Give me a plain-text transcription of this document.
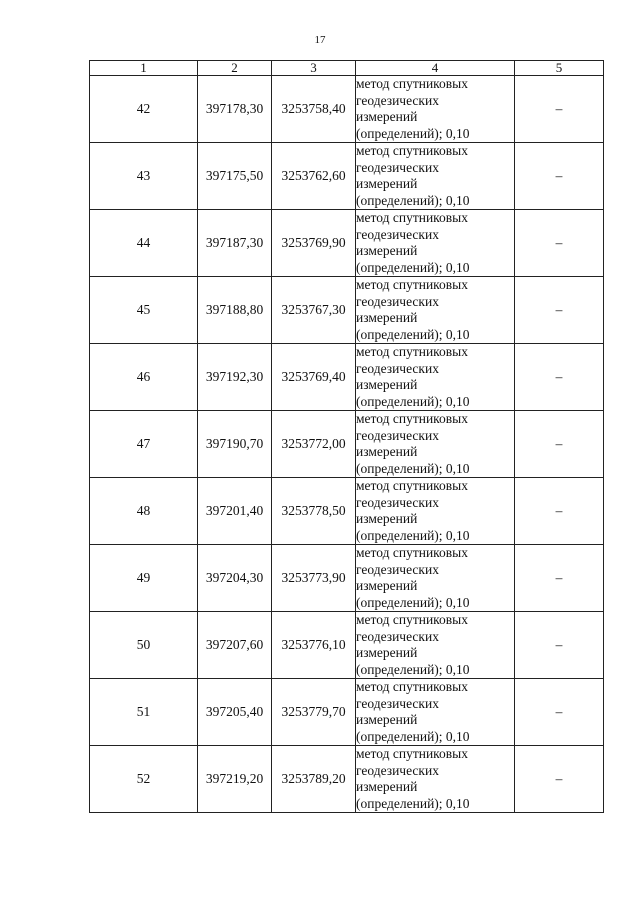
17
1	2	3	4	5
42	397178,30	3253758,40	метод спутниковых
геодезических
измерений
(определений); 0,10	–
43	397175,50	3253762,60	метод спутниковых
геодезических
измерений
(определений); 0,10	–
44	397187,30	3253769,90	метод спутниковых
геодезических
измерений
(определений); 0,10	–
45	397188,80	3253767,30	метод спутниковых
геодезических
измерений
(определений); 0,10	–
46	397192,30	3253769,40	метод спутниковых
геодезических
измерений
(определений); 0,10	–
47	397190,70	3253772,00	метод спутниковых
геодезических
измерений
(определений); 0,10	–
48	397201,40	3253778,50	метод спутниковых
геодезических
измерений
(определений); 0,10	–
49	397204,30	3253773,90	метод спутниковых
геодезических
измерений
(определений); 0,10	–
50	397207,60	3253776,10	метод спутниковых
геодезических
измерений
(определений); 0,10	–
51	397205,40	3253779,70	метод спутниковых
геодезических
измерений
(определений); 0,10	–
52	397219,20	3253789,20	метод спутниковых
геодезических
измерений
(определений); 0,10	–
